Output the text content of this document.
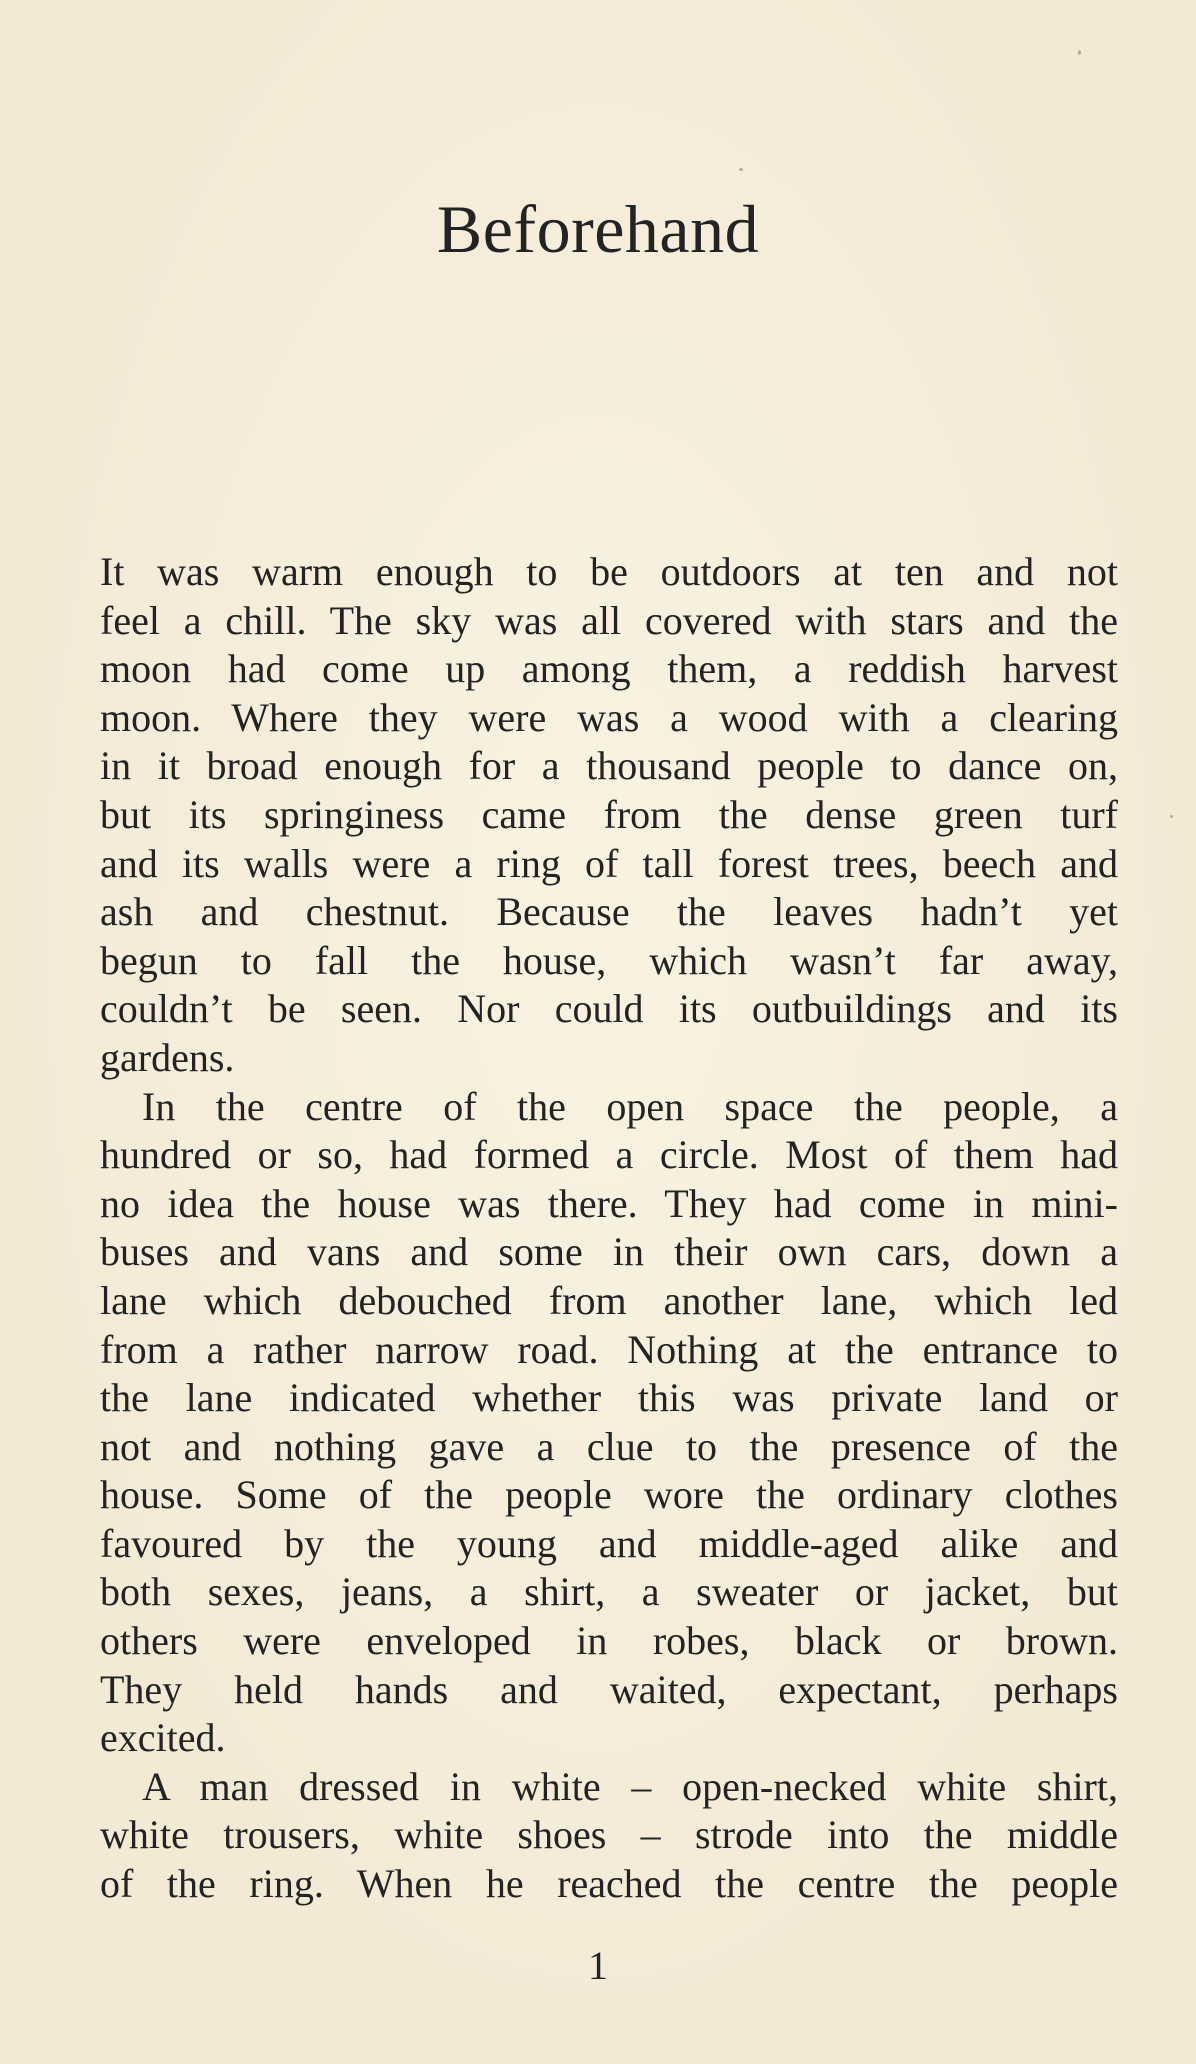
Beforehand
It was warm enough to be outdoors at ten and not
feel a chill. The sky was all covered with stars and the
moon had come up among them, a reddish harvest
moon. Where they were was a wood with a clearing
in it broad enough for a thousand people to dance on,
but its springiness came from the dense green turf
and its walls were a ring of tall forest trees, beech and
ash and chestnut. Because the leaves hadn’t yet
begun to fall the house, which wasn’t far away,
couldn’t be seen. Nor could its outbuildings and its
gardens.
In the centre of the open space the people, a
hundred or so, had formed a circle. Most of them had
no idea the house was there. They had come in mini-
buses and vans and some in their own cars, down a
lane which debouched from another lane, which led
from a rather narrow road. Nothing at the entrance to
the lane indicated whether this was private land or
not and nothing gave a clue to the presence of the
house. Some of the people wore the ordinary clothes
favoured by the young and middle-aged alike and
both sexes, jeans, a shirt, a sweater or jacket, but
others were enveloped in robes, black or brown.
They held hands and waited, expectant, perhaps
excited.
A man dressed in white – open-necked white shirt,
white trousers, white shoes – strode into the middle
of the ring. When he reached the centre the people
1
